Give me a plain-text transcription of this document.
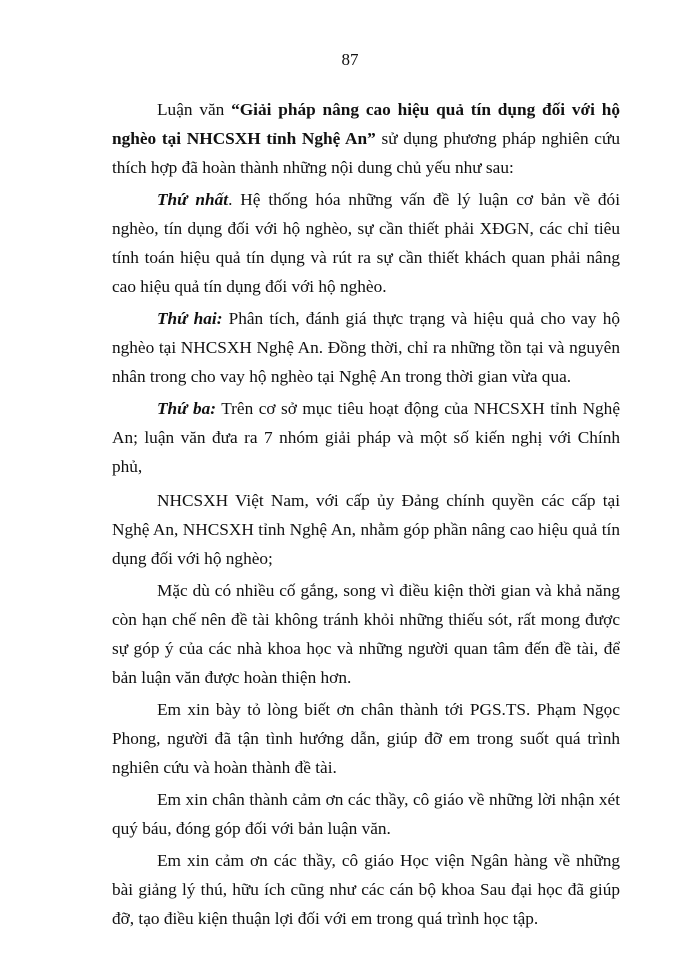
87

Luận văn “Giải pháp nâng cao hiệu quả tín dụng đối với hộ nghèo tại NHCSXH tỉnh Nghệ An” sử dụng phương pháp nghiên cứu thích hợp đã hoàn thành những nội dung chủ yếu như sau:

Thứ nhất. Hệ thống hóa những vấn đề lý luận cơ bản về đói nghèo, tín dụng đối với hộ nghèo, sự cần thiết phải XĐGN, các chỉ tiêu tính toán hiệu quả tín dụng và rút ra sự cần thiết khách quan phải nâng cao hiệu quả tín dụng đối với hộ nghèo.

Thứ hai: Phân tích, đánh giá thực trạng và hiệu quả cho vay hộ nghèo tại NHCSXH Nghệ An. Đồng thời, chỉ ra những tồn tại và nguyên nhân trong cho vay hộ nghèo tại Nghệ An trong thời gian vừa qua.

Thứ ba: Trên cơ sở mục tiêu hoạt động của NHCSXH tỉnh Nghệ An; luận văn đưa ra 7 nhóm giải pháp và một số kiến nghị với Chính phủ,

NHCSXH Việt Nam, với cấp ủy Đảng chính quyền các cấp tại Nghệ An, NHCSXH tỉnh Nghệ An, nhằm góp phần nâng cao hiệu quả tín dụng đối với hộ nghèo;

Mặc dù có nhiều cố gắng, song vì điều kiện thời gian và khả năng còn hạn chế nên đề tài không tránh khỏi những thiếu sót, rất mong được sự góp ý của các nhà khoa học và những người quan tâm đến đề tài, để bản luận văn được hoàn thiện hơn.

Em xin bày tỏ lòng biết ơn chân thành tới PGS.TS. Phạm Ngọc Phong, người đã tận tình hướng dẫn, giúp đỡ em trong suốt quá trình nghiên cứu và hoàn thành đề tài.

Em xin chân thành cảm ơn các thầy, cô giáo về những lời nhận xét quý báu, đóng góp đối với bản luận văn.

Em xin cảm ơn các thầy, cô giáo Học viện Ngân hàng về những bài giảng lý thú, hữu ích cũng như các cán bộ khoa Sau đại học đã giúp đỡ, tạo điều kiện thuận lợi đối với em trong quá trình học tập.
